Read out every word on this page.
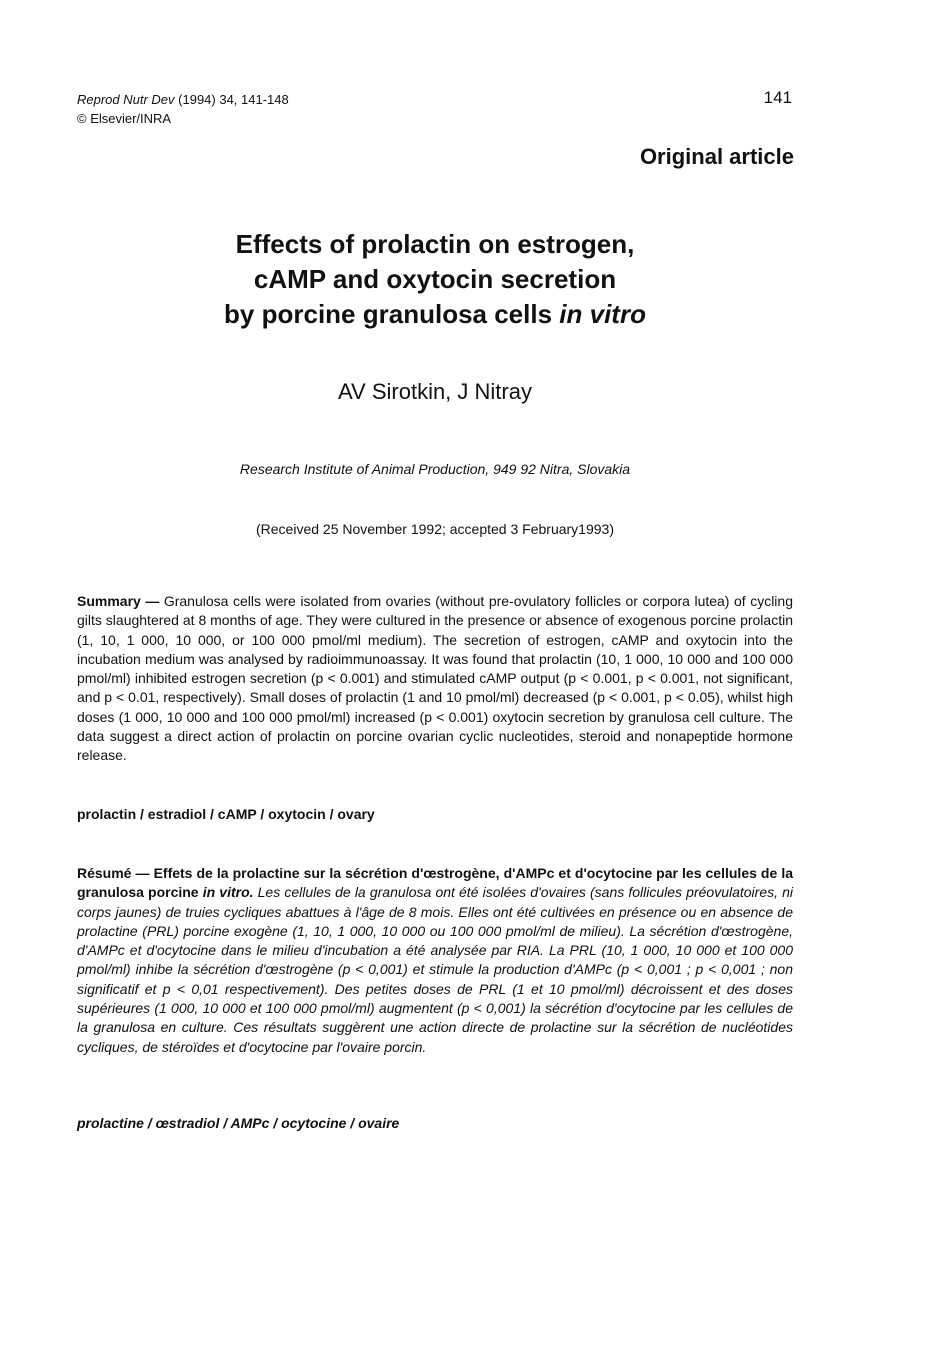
Reprod Nutr Dev (1994) 34, 141-148
© Elsevier/INRA
141
Original article
Effects of prolactin on estrogen,
cAMP and oxytocin secretion
by porcine granulosa cells in vitro
AV Sirotkin, J Nitray
Research Institute of Animal Production, 949 92 Nitra, Slovakia
(Received 25 November 1992; accepted 3 February1993)
Summary — Granulosa cells were isolated from ovaries (without pre-ovulatory follicles or corpora lutea) of cycling gilts slaughtered at 8 months of age. They were cultured in the presence or absence of exogenous porcine prolactin (1, 10, 1 000, 10 000, or 100 000 pmol/ml medium). The secretion of estrogen, cAMP and oxytocin into the incubation medium was analysed by radioimmunoassay. It was found that prolactin (10, 1 000, 10 000 and 100 000 pmol/ml) inhibited estrogen secretion (p < 0.001) and stimulated cAMP output (p < 0.001, p < 0.001, not significant, and p < 0.01, respectively). Small doses of prolactin (1 and 10 pmol/ml) decreased (p < 0.001, p < 0.05), whilst high doses (1 000, 10 000 and 100 000 pmol/ml) increased (p < 0.001) oxytocin secretion by granulosa cell culture. The data suggest a direct action of prolactin on porcine ovarian cyclic nucleotides, steroid and nonapeptide hormone release.
prolactin / estradiol / cAMP / oxytocin / ovary
Résumé — Effets de la prolactine sur la sécrétion d'œstrogène, d'AMPc et d'ocytocine par les cellules de la granulosa porcine in vitro. Les cellules de la granulosa ont été isolées d'ovaires (sans follicules préovulatoires, ni corps jaunes) de truies cycliques abattues à l'âge de 8 mois. Elles ont été cultivées en présence ou en absence de prolactine (PRL) porcine exogène (1, 10, 1 000, 10 000 ou 100 000 pmol/ml de milieu). La sécrétion d'œstrogène, d'AMPc et d'ocytocine dans le milieu d'incubation a été analysée par RIA. La PRL (10, 1 000, 10 000 et 100 000 pmol/ml) inhibe la sécrétion d'œstrogène (p < 0,001) et stimule la production d'AMPc (p < 0,001 ; p < 0,001 ; non significatif et p < 0,01 respectivement). Des petites doses de PRL (1 et 10 pmol/ml) décroissent et des doses supérieures (1 000, 10 000 et 100 000 pmol/ml) augmentent (p < 0,001) la sécrétion d'ocytocine par les cellules de la granulosa en culture. Ces résultats suggèrent une action directe de prolactine sur la sécrétion de nucléotides cycliques, de stéroïdes et d'ocytocine par l'ovaire porcin.
prolactine / œstradiol / AMPc / ocytocine / ovaire
